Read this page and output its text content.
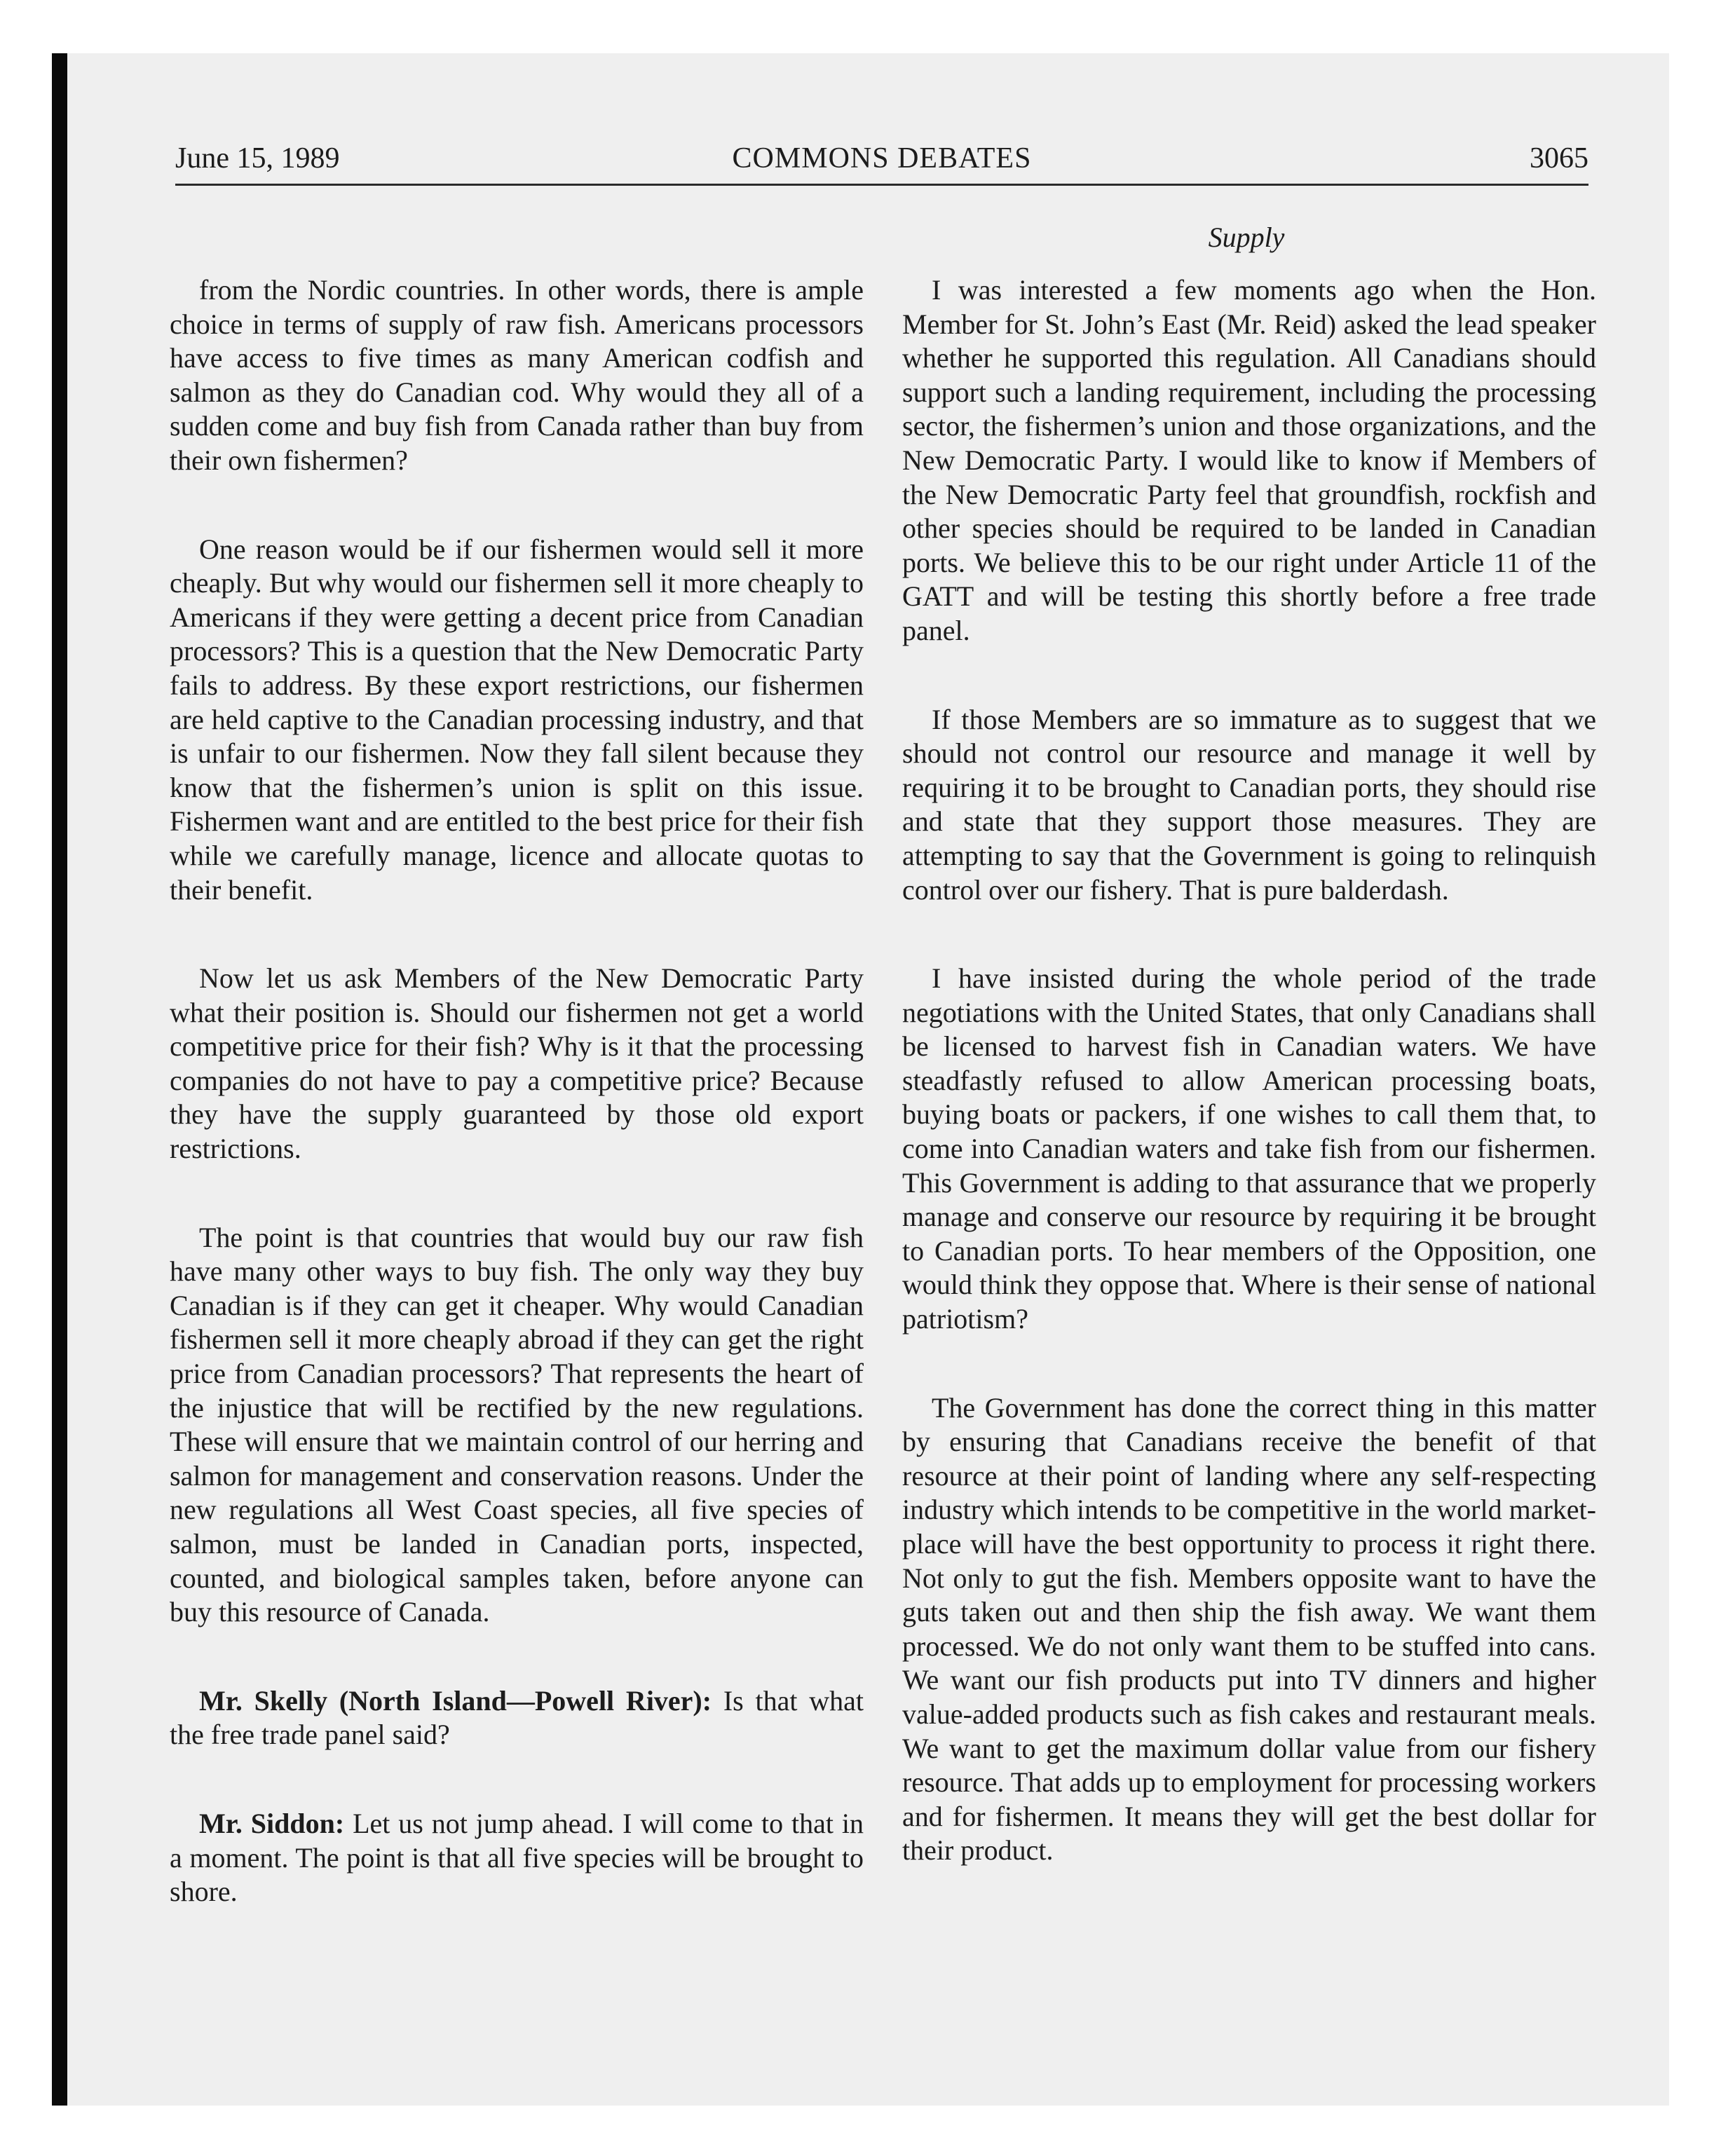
June 15, 1989	COMMONS DEBATES	3065
Supply

from the Nordic countries. In other words, there is ample choice in terms of supply of raw fish. Americans processors have access to five times as many American codfish and salmon as they do Canadian cod. Why would they all of a sudden come and buy fish from Canada rather than buy from their own fishermen?

One reason would be if our fishermen would sell it more cheaply. But why would our fishermen sell it more cheaply to Americans if they were getting a decent price from Canadian processors? This is a question that the New Democratic Party fails to address. By these export restrictions, our fishermen are held captive to the Canadian processing industry, and that is unfair to our fishermen. Now they fall silent because they know that the fishermen’s union is split on this issue. Fishermen want and are entitled to the best price for their fish while we carefully manage, licence and allocate quotas to their benefit.

Now let us ask Members of the New Democratic Party what their position is. Should our fishermen not get a world competitive price for their fish? Why is it that the processing companies do not have to pay a competitive price? Because they have the supply guaranteed by those old export restrictions.

The point is that countries that would buy our raw fish have many other ways to buy fish. The only way they buy Canadian is if they can get it cheaper. Why would Canadian fishermen sell it more cheaply abroad if they can get the right price from Canadian processors? That represents the heart of the injustice that will be rectified by the new regulations. These will ensure that we maintain control of our herring and salmon for management and conservation reasons. Under the new regulations all West Coast species, all five species of salmon, must be landed in Canadian ports, inspected, counted, and biological samples taken, before anyone can buy this resource of Canada.

Mr. Skelly (North Island—Powell River): Is that what the free trade panel said?

Mr. Siddon: Let us not jump ahead. I will come to that in a moment. The point is that all five species will be brought to shore.

I was interested a few moments ago when the Hon. Member for St. John’s East (Mr. Reid) asked the lead speaker whether he supported this regulation. All Canadians should support such a landing requirement, including the processing sector, the fishermen’s union and those organizations, and the New Democratic Party. I would like to know if Members of the New Democratic Party feel that groundfish, rockfish and other species should be required to be landed in Canadian ports. We believe this to be our right under Article 11 of the GATT and will be testing this shortly before a free trade panel.

If those Members are so immature as to suggest that we should not control our resource and manage it well by requiring it to be brought to Canadian ports, they should rise and state that they support those measures. They are attempting to say that the Government is going to relinquish control over our fishery. That is pure balderdash.

I have insisted during the whole period of the trade negotiations with the United States, that only Canadians shall be licensed to harvest fish in Canadian waters. We have steadfastly refused to allow American processing boats, buying boats or packers, if one wishes to call them that, to come into Canadian waters and take fish from our fishermen. This Government is adding to that assurance that we properly manage and conserve our resource by requiring it be brought to Canadian ports. To hear members of the Opposition, one would think they oppose that. Where is their sense of national patriotism?

The Government has done the correct thing in this matter by ensuring that Canadians receive the benefit of that resource at their point of landing where any self-respecting industry which intends to be competitive in the world market-place will have the best opportunity to process it right there. Not only to gut the fish. Members opposite want to have the guts taken out and then ship the fish away. We want them processed. We do not only want them to be stuffed into cans. We want our fish products put into TV dinners and higher value-added products such as fish cakes and restaurant meals. We want to get the maximum dollar value from our fishery resource. That adds up to employment for processing workers and for fishermen. It means they will get the best dollar for their product.
